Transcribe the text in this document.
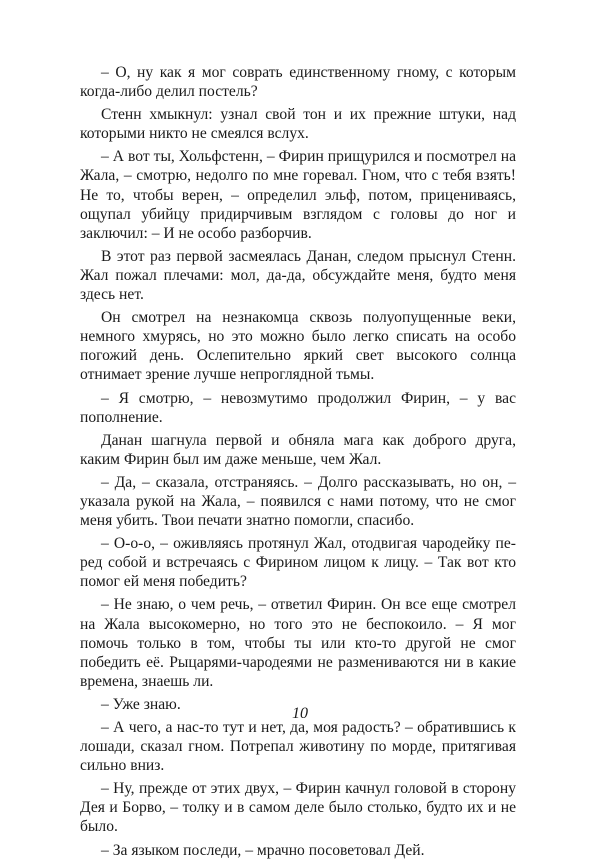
– О, ну как я мог соврать единственному гному, с которым когда-либо делил постель?

Стенн хмыкнул: узнал свой тон и их прежние штуки, над которыми никто не смеялся вслух.

– А вот ты, Хольфстенн, – Фирин прищурился и посмотрел на Жала, – смотрю, недолго по мне горевал. Гном, что с тебя взять! Не то, чтобы верен, – определил эльф, потом, прицениваясь, ощупал убийцу придирчивым взглядом с головы до ног и заключил: – И не особо разборчив.

В этот раз первой засмеялась Данан, следом прыснул Стенн. Жал пожал плечами: мол, да-да, обсуждайте меня, будто меня здесь нет.

Он смотрел на незнакомца сквозь полуопущенные веки, немного хмурясь, но это можно было легко списать на особо погожий день. Ослепительно яркий свет высокого солнца отнимает зрение лучше непроглядной тьмы.

– Я смотрю, – невозмутимо продолжил Фирин, – у вас пополнение.

Данан шагнула первой и обняла мага как доброго друга, каким Фирин был им даже меньше, чем Жал.

– Да, – сказала, отстраняясь. – Долго рассказывать, но он, – указала рукой на Жала, – появился с нами потому, что не смог меня убить. Твои печати знатно помогли, спасибо.

– О-о-о, – оживляясь протянул Жал, отодвигая чародейку перед собой и встречаясь с Фирином лицом к лицу. – Так вот кто помог ей меня победить?

– Не знаю, о чем речь, – ответил Фирин. Он все еще смотрел на Жала высокомерно, но того это не беспокоило. – Я мог помочь только в том, чтобы ты или кто-то другой не смог победить её. Рыцарями-чародеями не размениваются ни в какие времена, знаешь ли.

– Уже знаю.

– А чего, а нас-то тут и нет, да, моя радость? – обратившись к лошади, сказал гном. Потрепал животину по морде, притягивая сильно вниз.

– Ну, прежде от этих двух, – Фирин качнул головой в сторону Дея и Борво, – толку и в самом деле было столько, будто их и не было.

– За языком последи, – мрачно посоветовал Дей.

10
